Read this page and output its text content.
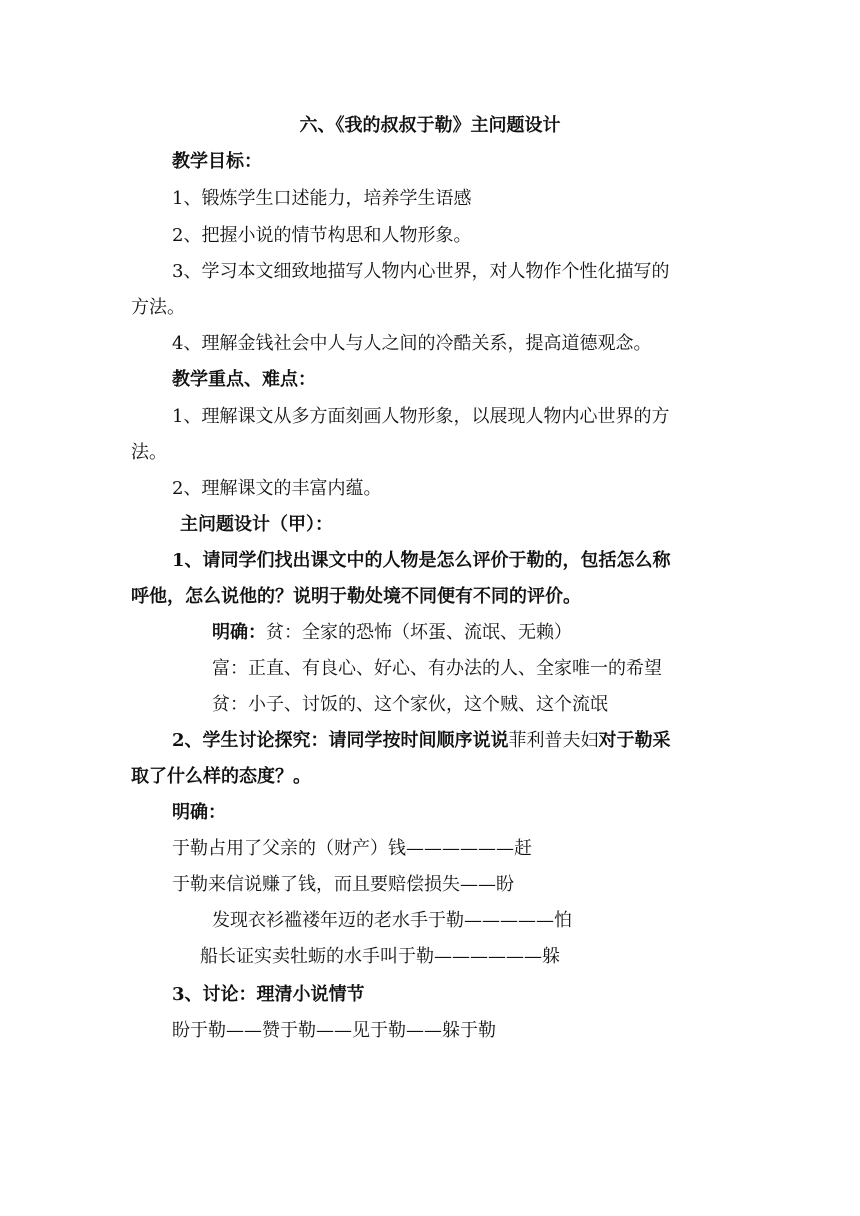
六、《我的叔叔于勒》主问题设计
教学目标：
1、锻炼学生口述能力，培养学生语感
2、把握小说的情节构思和人物形象。
3、学习本文细致地描写人物内心世界，对人物作个性化描写的
方法。
4、理解金钱社会中人与人之间的冷酷关系，提高道德观念。
教学重点、难点：
1、理解课文从多方面刻画人物形象，以展现人物内心世界的方
法。
2、理解课文的丰富内蕴。
主问题设计（甲）：
1、请同学们找出课文中的人物是怎么评价于勒的，包括怎么称
呼他，怎么说他的？说明于勒处境不同便有不同的评价。
明确：贫：全家的恐怖（坏蛋、流氓、无赖）
富：正直、有良心、好心、有办法的人、全家唯一的希望
贫：小子、讨饭的、这个家伙，这个贼、这个流氓
2、学生讨论探究：请同学按时间顺序说说菲利普夫妇对于勒采
取了什么样的态度？。
明确：
于勒占用了父亲的（财产）钱——————赶
于勒来信说赚了钱，而且要赔偿损失——盼
发现衣衫褴褛年迈的老水手于勒—————怕
船长证实卖牡蛎的水手叫于勒——————躲
3、讨论：理清小说情节
盼于勒——赞于勒——见于勒——躲于勒
